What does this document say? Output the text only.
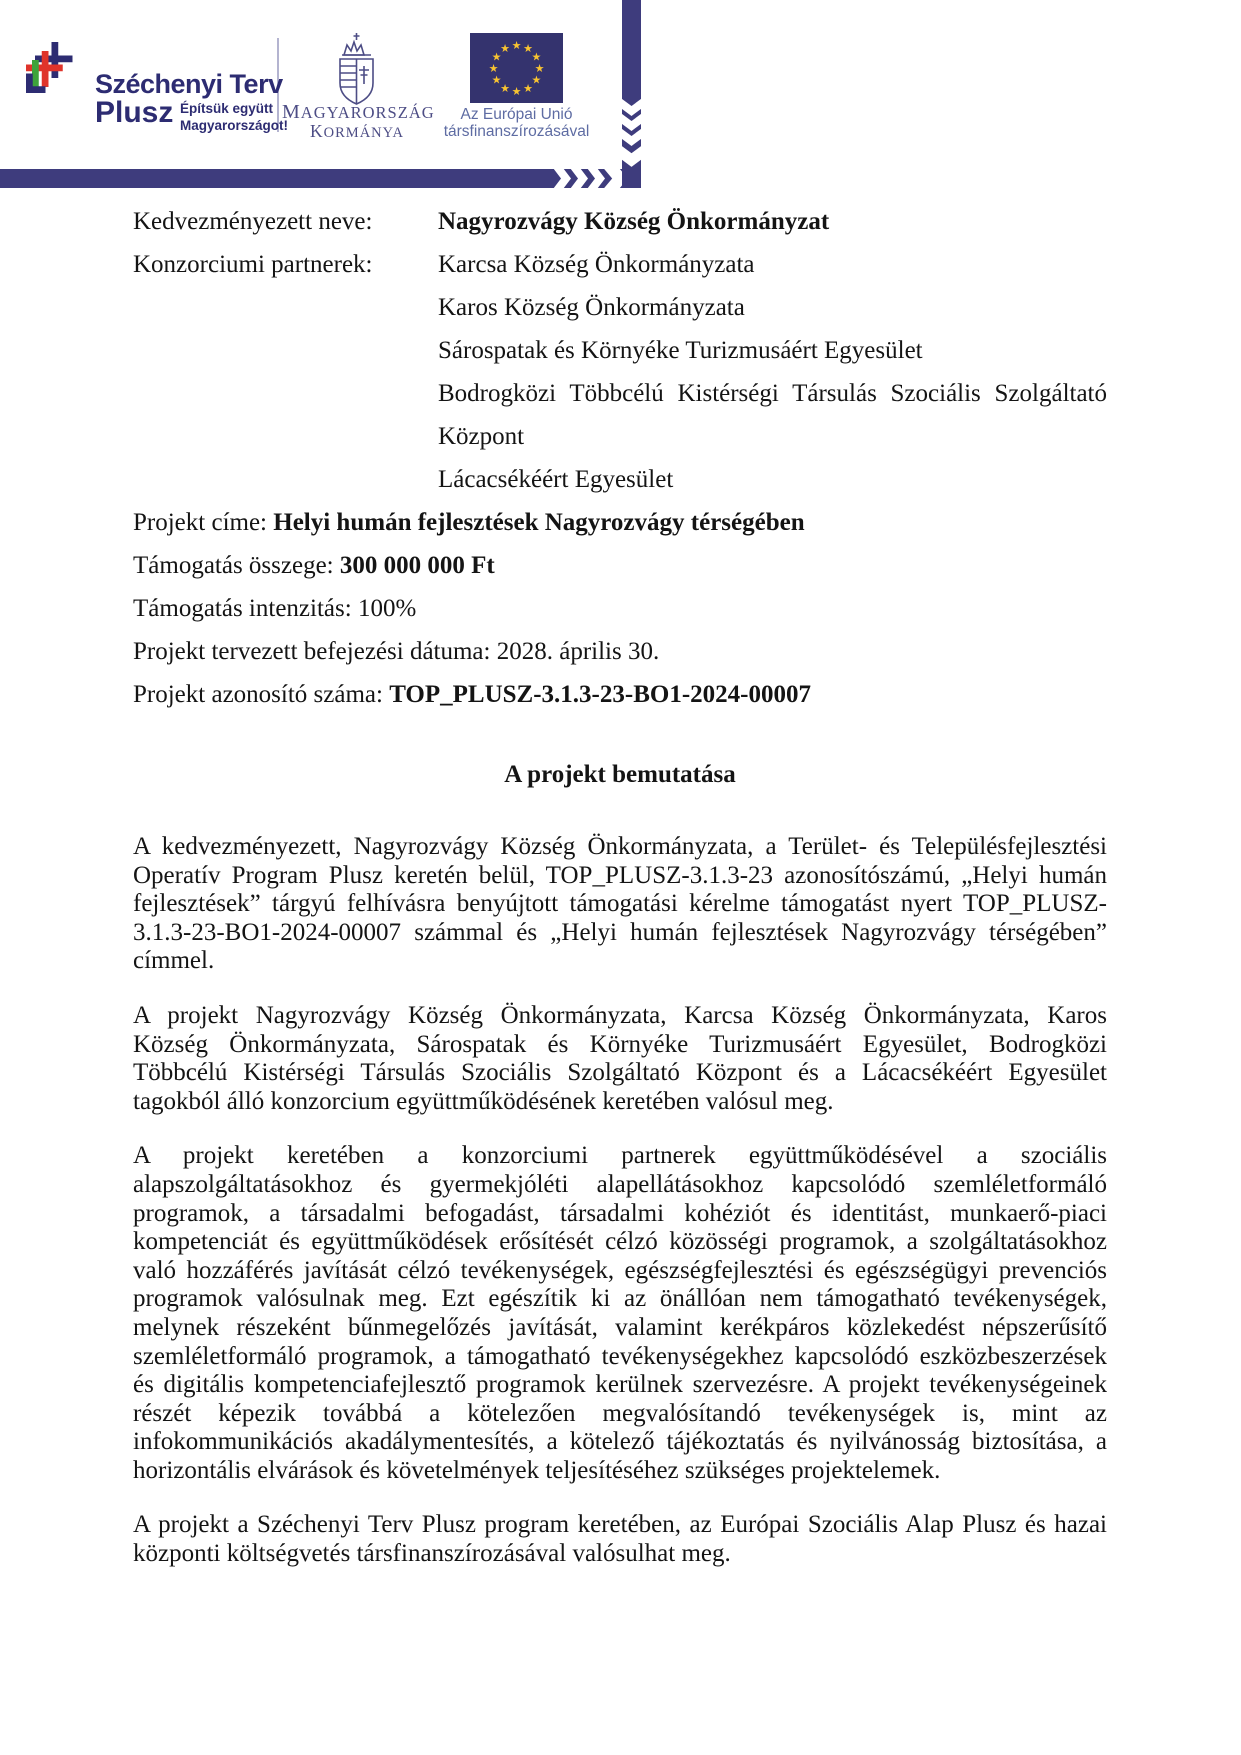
★ ★
★
★
★
★
★
★
★
★
★
★
Széchenyi Terv
Plusz Építsük együtt
Magyarországot!
MAGYARORSZÁG
KORMÁNYA
Az Európai Unió
társfinanszírozásával
Kedvezményezett neve:	Nagyrozvágy Község Önkormányzat
Konzorciumi partnerek:	Karcsa Község Önkormányzata
Karos Község Önkormányzata
Sárospatak és Környéke Turizmusáért Egyesület
Bodrogközi Többcélú Kistérségi Társulás Szociális Szolgáltató
Központ
Lácacsékéért Egyesület
Projekt címe: Helyi humán fejlesztések Nagyrozvágy térségében
Támogatás összege: 300 000 000 Ft
Támogatás intenzitás: 100%
Projekt tervezett befejezési dátuma: 2028. április 30.
Projekt azonosító száma: TOP_PLUSZ-3.1.3-23-BO1-2024-00007
A projekt bemutatása
A kedvezményezett, Nagyrozvágy Község Önkormányzata, a Terület- és Településfejlesztési
Operatív Program Plusz keretén belül, TOP_PLUSZ-3.1.3-23 azonosítószámú, „Helyi humán
fejlesztések” tárgyú felhívásra benyújtott támogatási kérelme támogatást nyert TOP_PLUSZ-
3.1.3-23-BO1-2024-00007 számmal és „Helyi humán fejlesztések Nagyrozvágy térségében”
címmel.
A projekt Nagyrozvágy Község Önkormányzata, Karcsa Község Önkormányzata, Karos
Község Önkormányzata, Sárospatak és Környéke Turizmusáért Egyesület, Bodrogközi
Többcélú Kistérségi Társulás Szociális Szolgáltató Központ és a Lácacsékéért Egyesület
tagokból álló konzorcium együttműködésének keretében valósul meg.
A projekt keretében a konzorciumi partnerek együttműködésével a szociális
alapszolgáltatásokhoz és gyermekjóléti alapellátásokhoz kapcsolódó szemléletformáló
programok, a társadalmi befogadást, társadalmi kohéziót és identitást, munkaerő-piaci
kompetenciát és együttműködések erősítését célzó közösségi programok, a szolgáltatásokhoz
való hozzáférés javítását célzó tevékenységek, egészségfejlesztési és egészségügyi prevenciós
programok valósulnak meg. Ezt egészítik ki az önállóan nem támogatható tevékenységek,
melynek részeként bűnmegelőzés javítását, valamint kerékpáros közlekedést népszerűsítő
szemléletformáló programok, a támogatható tevékenységekhez kapcsolódó eszközbeszerzések
és digitális kompetenciafejlesztő programok kerülnek szervezésre. A projekt tevékenységeinek
részét képezik továbbá a kötelezően megvalósítandó tevékenységek is, mint az
infokommunikációs akadálymentesítés, a kötelező tájékoztatás és nyilvánosság biztosítása, a
horizontális elvárások és követelmények teljesítéséhez szükséges projektelemek.
A projekt a Széchenyi Terv Plusz program keretében, az Európai Szociális Alap Plusz és hazai
központi költségvetés társfinanszírozásával valósulhat meg.
